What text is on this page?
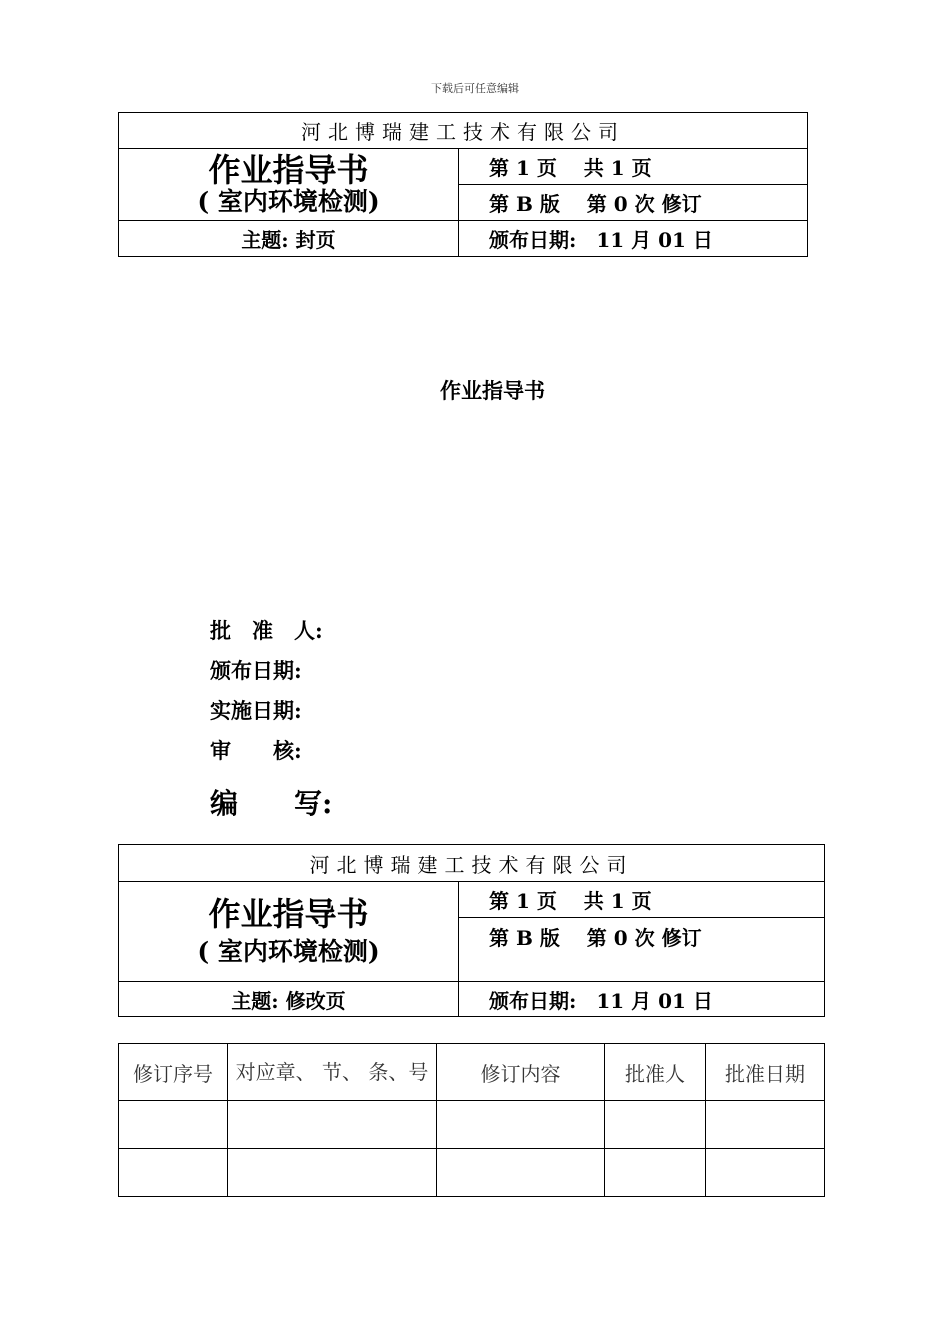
下载后可任意编辑
河北博瑞建工技术有限公司	

作业指导书
( 室内环境检测)	第 1 页　 共 1 页
	第 B 版　 第 0 次 修订
主题: 封页	颁布日期:　11 月 01 日
作业指导书
批　准　人:
颁布日期:
实施日期:
审　　核:
编　　写:
河北博瑞建工技术有限公司	

作业指导书
( 室内环境检测)	第 1 页　 共 1 页
	第 B 版　 第 0 次 修订
主题: 修改页	颁布日期:　11 月 01 日
修订序号	对应章、 节、 条、号	修订内容	批准人	批准日期
